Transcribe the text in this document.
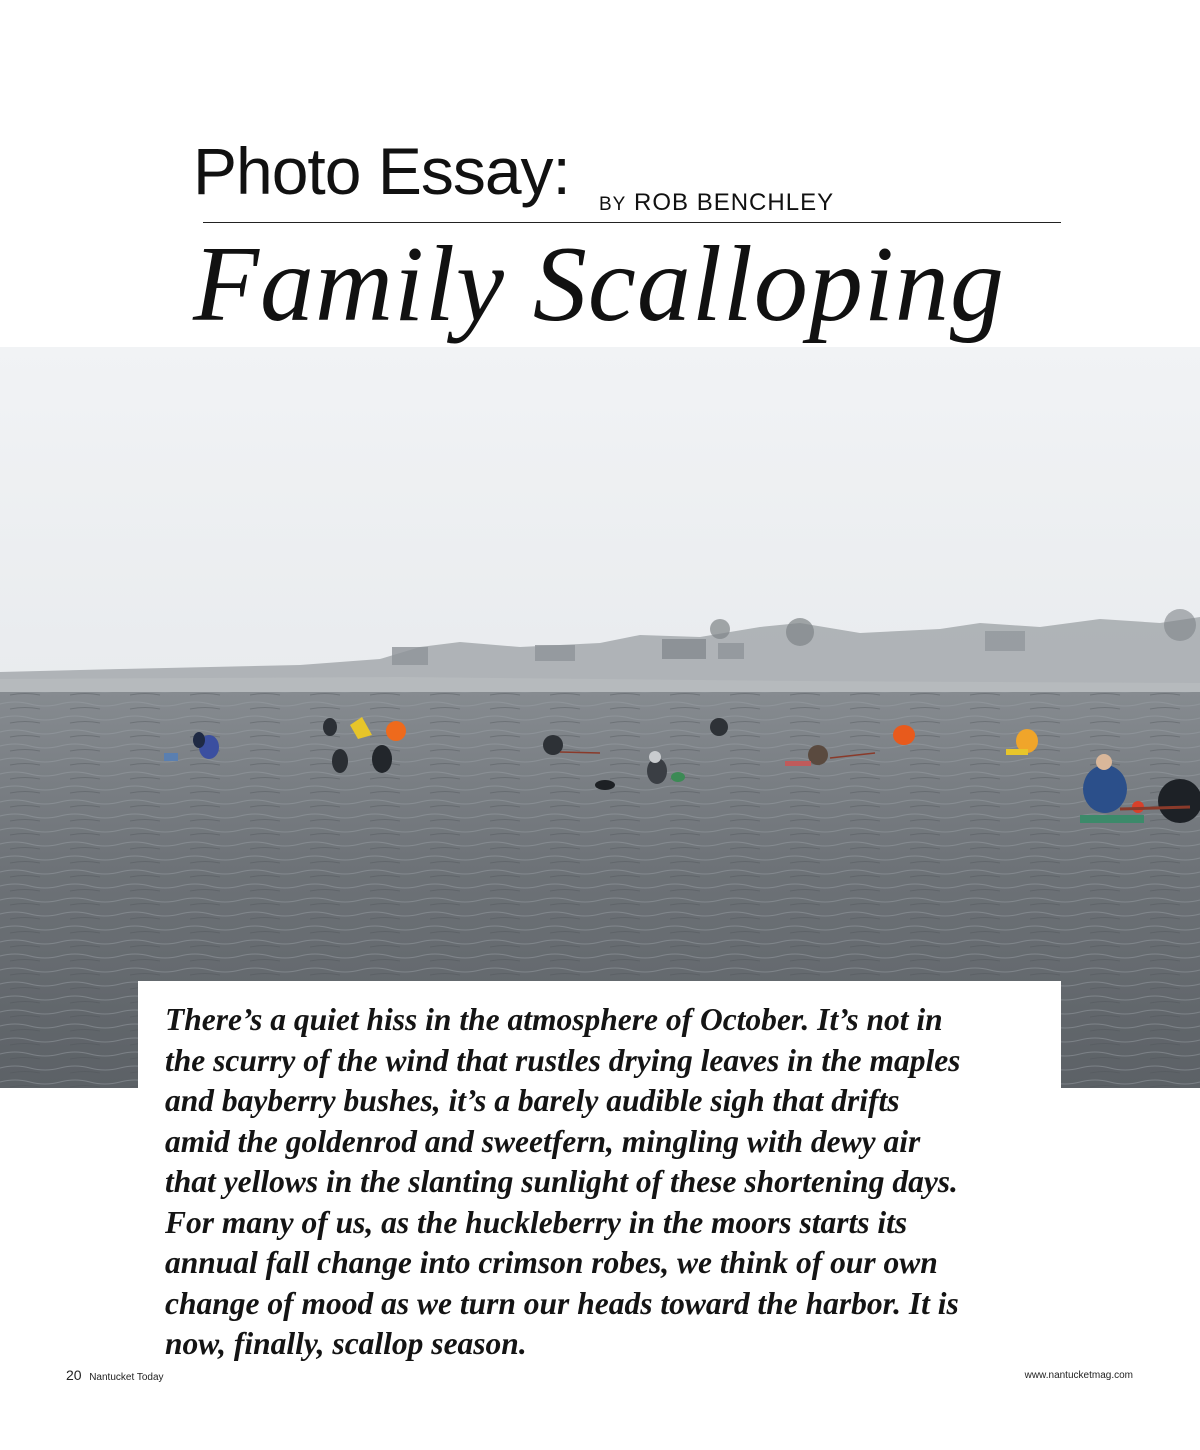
Photo Essay: BY ROB BENCHLEY
Family Scalloping
There’s a quiet hiss in the atmosphere of October. It’s not in
the scurry of the wind that rustles drying leaves in the maples
and bayberry bushes, it’s a barely audible sigh that drifts
amid the goldenrod and sweetfern, mingling with dewy air
that yellows in the slanting sunlight of these shortening days.
For many of us, as the huckleberry in the moors starts its
annual fall change into crimson robes, we think of our own
change of mood as we turn our heads toward the harbor. It is
now, finally, scallop season.
20 Nantucket Today	www.nantucketmag.com
